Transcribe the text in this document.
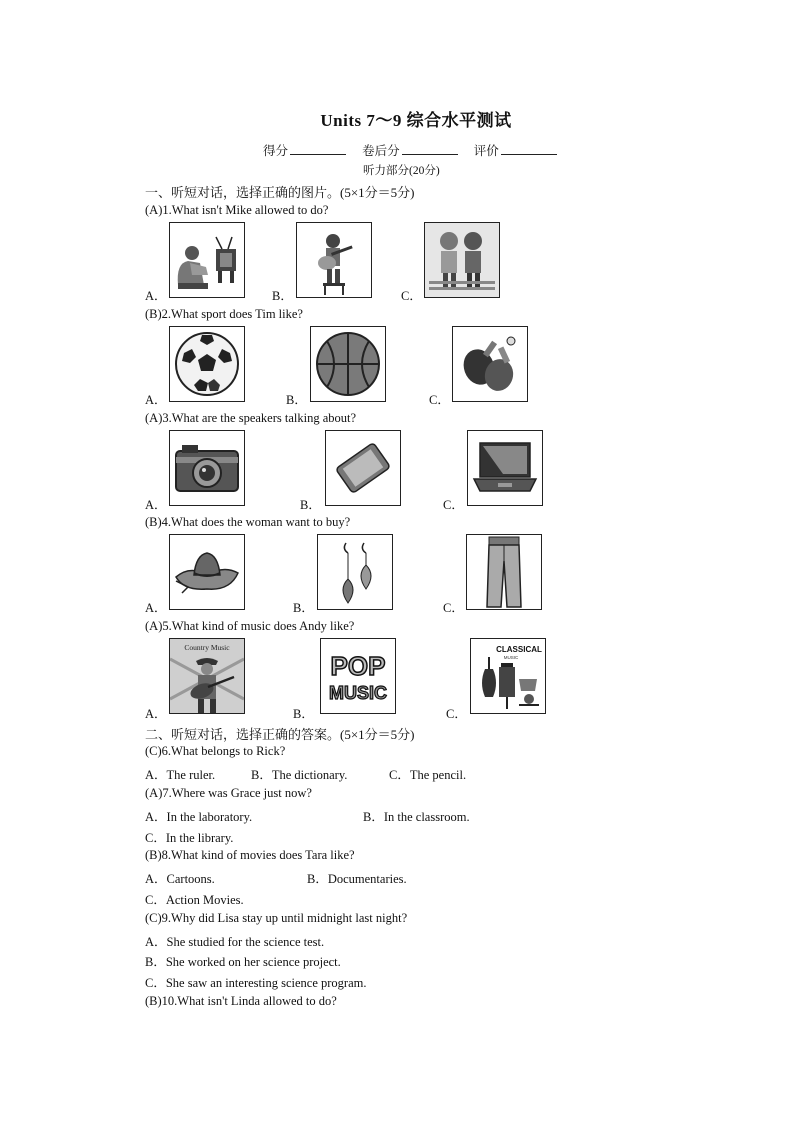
Units 7～9 综合水平测试
得分	卷后分	评价
听力部分(20分)
一、听短对话，选择正确的图片。(5×1分＝5分)
(A)1.What isn't Mike allowed to do?
A．	B．	C．
(B)2.What sport does Tim like?
A．	B．	C．
(A)3.What are the speakers talking about?
A．	B．	C．
(B)4.What does the woman want to buy?
A．	B．	C．
(A)5.What kind of music does Andy like?
A．	B．	C．
Country Music
POP
MUSIC
CLASSICAL
MUSIC
二、听短对话，选择正确的答案。(5×1分＝5分)
(C)6.What belongs to Rick?
A．The ruler.	B．The dictionary.	C．The pencil.
(A)7.Where was Grace just now?
A．In the laboratory.	B．In the classroom.
C．In the library.
(B)8.What kind of movies does Tara like?
A．Cartoons.	B．Documentaries.
C．Action Movies.
(C)9.Why did Lisa stay up until midnight last night?
A．She studied for the science test.
B．She worked on her science project.
C．She saw an interesting science program.
(B)10.What isn't Linda allowed to do?
